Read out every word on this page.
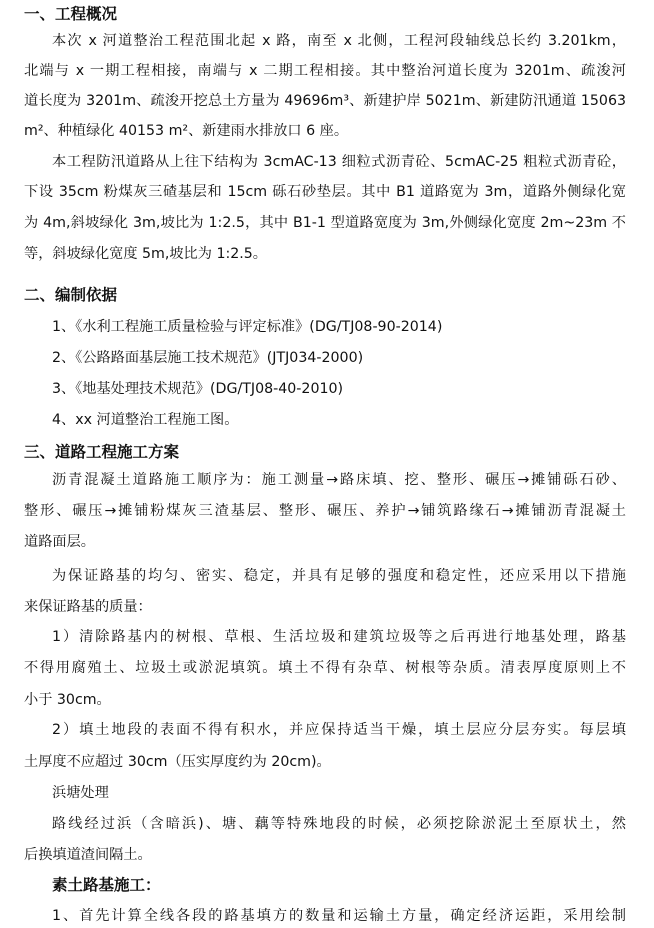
一、工程概况
本次 x 河道整治工程范围北起 x 路，南至 x 北侧，工程河段轴线总长约 3.201km，
北端与 x 一期工程相接，南端与 x 二期工程相接。其中整治河道长度为 3201m、疏浚河
道长度为 3201m、疏浚开挖总土方量为 49696m³、新建护岸 5021m、新建防汛通道 15063
m²、种植绿化 40153 m²、新建雨水排放口 6 座。
本工程防汛道路从上往下结构为 3cmAC-13 细粒式沥青砼、5cmAC-25 粗粒式沥青砼，
下设 35cm 粉煤灰三碴基层和 15cm 砾石砂垫层。其中 B1 道路宽为 3m，道路外侧绿化宽
为 4m,斜坡绿化 3m,坡比为 1:2.5，其中 B1-1 型道路宽度为 3m,外侧绿化宽度 2m~23m 不
等，斜坡绿化宽度 5m,坡比为 1:2.5。
二、编制依据
1、《水利工程施工质量检验与评定标准》(DG/TJ08-90-2014)
2、《公路路面基层施工技术规范》(JTJ034-2000)
3、《地基处理技术规范》(DG/TJ08-40-2010)
4、xx 河道整治工程施工图。
三、道路工程施工方案
沥青混凝土道路施工顺序为：施工测量→路床填、挖、整形、碾压→摊铺砾石砂、
整形、碾压→摊铺粉煤灰三渣基层、整形、碾压、养护→铺筑路缘石→摊铺沥青混凝土
道路面层。
为保证路基的均匀、密实、稳定，并具有足够的强度和稳定性，还应采用以下措施
来保证路基的质量：
1）清除路基内的树根、草根、生活垃圾和建筑垃圾等之后再进行地基处理，路基
不得用腐殖土、垃圾土或淤泥填筑。填土不得有杂草、树根等杂质。清表厚度原则上不
小于 30cm。
2）填土地段的表面不得有积水，并应保持适当干燥，填土层应分层夯实。每层填
土厚度不应超过 30cm（压实厚度约为 20cm)。
浜塘处理
路线经过浜（含暗浜)、塘、藕等特殊地段的时候，必须挖除淤泥土至原状土，然
后换填道渣间隔土。
素土路基施工：
1、首先计算全线各段的路基填方的数量和运输土方量，确定经济运距，采用绘制
